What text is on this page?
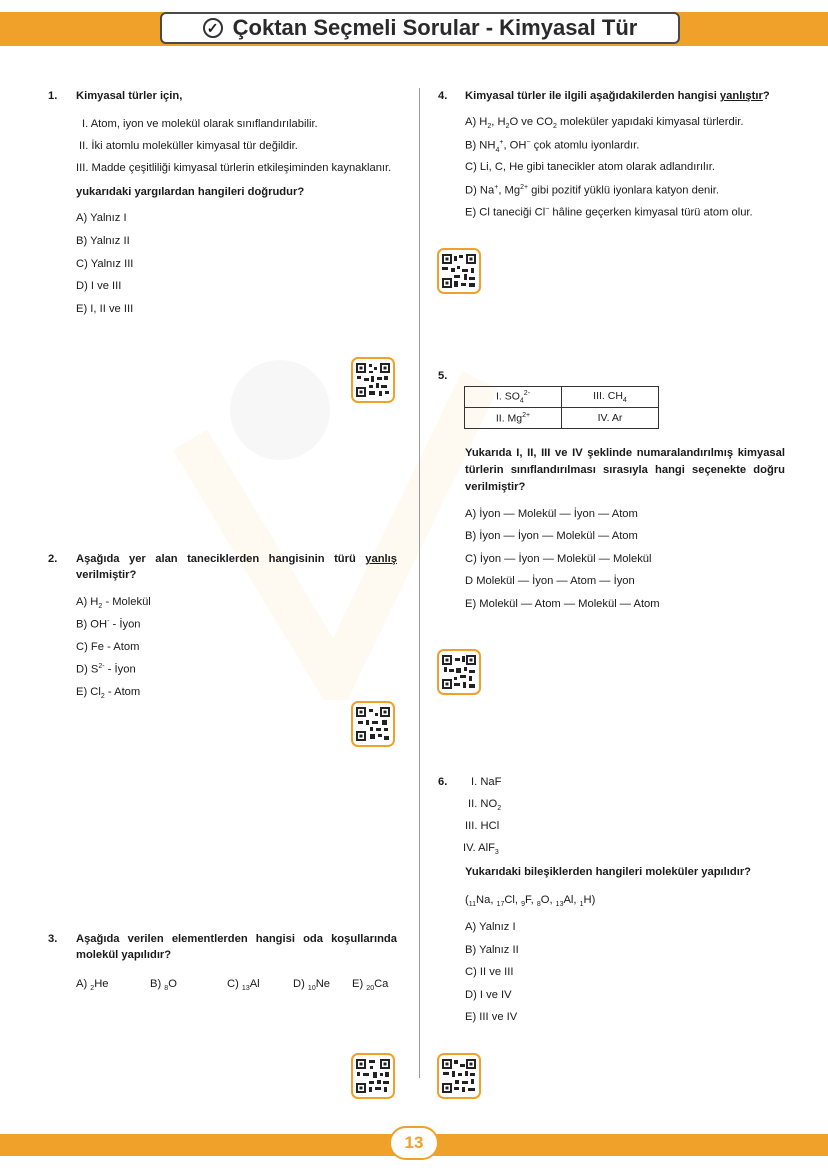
✓ Çoktan Seçmeli Sorular - Kimyasal Tür
1. Kimyasal türler için,
I. Atom, iyon ve molekül olarak sınıflandırılabilir.
II. İki atomlu moleküller kimyasal tür değildir.
III. Madde çeşitliliği kimyasal türlerin etkileşiminden kaynaklanır.
yukarıdaki yargılardan hangileri doğrudur?
A) Yalnız I
B) Yalnız II
C) Yalnız III
D) I ve III
E) I, II ve III
2. Aşağıda yer alan taneciklerden hangisinin türü yanlış
verilmiştir?
A) $H_2$ - Molekül
B) OH- - İyon
C) Fe - Atom
D) $S^{2-}$ - İyon
E) $Cl_2$ - Atom
3. Aşağıda verilen elementlerden hangisi oda koşullarında
molekül yapılıdır?
A) $_2$He	B) $_8$O	C) $_{13}$Al	D) $_{10}$Ne E) $_{20}$Ca
4. Kimyasal türler ile ilgili aşağıdakilerden hangisi yanlıştır?
A) $H_2$, $H_2O$ ve $CO_2$ moleküler yapıdaki kimyasal türlerdir.
B) $NH_4^+$, OH− çok atomlu iyonlardır.
C) Li, C, He gibi tanecikler atom olarak adlandırılır.
D) Na+, $Mg^{2+}$ gibi pozitif yüklü iyonlara katyon denir.
E) Cl taneciği Cl− hâline geçerken kimyasal türü atom olur.
5.
I. $SO_4^{2-}$	III. $CH_4$
II. $Mg^{2+}$	IV. Ar
Yukarıda I, II, III ve IV şeklinde numaralandırılmış kimyasal
türlerin sınıflandırılması sırasıyla hangi seçenekte doğru
verilmiştir?
A) İyon — Molekül — İyon — Atom
B) İyon — İyon — Molekül — Atom
C) İyon — İyon — Molekül — Molekül
D Molekül — İyon — Atom — İyon
E) Molekül — Atom — Molekül — Atom
6. I. NaF
II. $NO_2$
III. HCl
IV. AlF$_3$
Yukarıdaki bileşiklerden hangileri moleküler yapılıdır?
($_{11}Na$, $_{17}$Cl, $_9$F, $_8$O, $_{13}$Al, $_1$H)
A) Yalnız I
B) Yalnız II
C) II ve III
D) I ve IV
E) III ve IV
13
